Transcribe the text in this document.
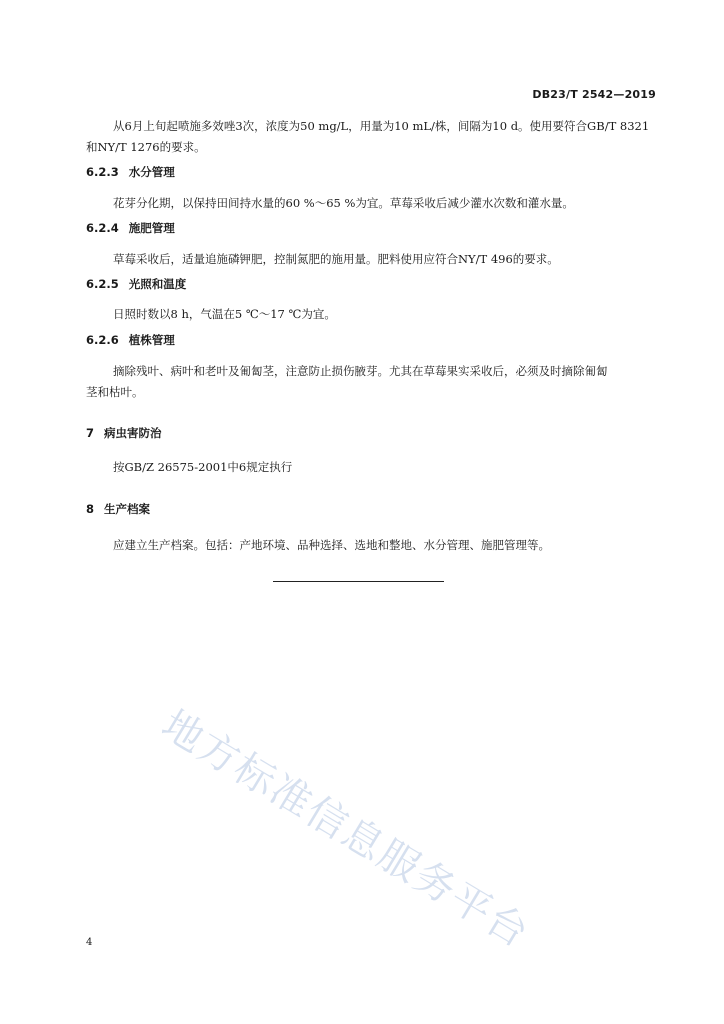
DB23/T 2542—2019
从6月上旬起喷施多效唑3次，浓度为50 mg/L，用量为10 mL/株，间隔为10 d。使用要符合GB/T 8321
和NY/T 1276的要求。
6.2.3 水分管理
花芽分化期，以保持田间持水量的60 %～65 %为宜。草莓采收后减少灌水次数和灌水量。
6.2.4 施肥管理
草莓采收后，适量追施磷钾肥，控制氮肥的施用量。肥料使用应符合NY/T 496的要求。
6.2.5 光照和温度
日照时数以8 h，气温在5 ℃～17 ℃为宜。
6.2.6 植株管理
摘除残叶、病叶和老叶及匍匐茎，注意防止损伤腋芽。尤其在草莓果实采收后，必须及时摘除匍匐
茎和枯叶。
7 病虫害防治
按GB/Z 26575-2001中6规定执行
8 生产档案
应建立生产档案。包括：产地环境、品种选择、选地和整地、水分管理、施肥管理等。
地方标准信息服务平台
4
